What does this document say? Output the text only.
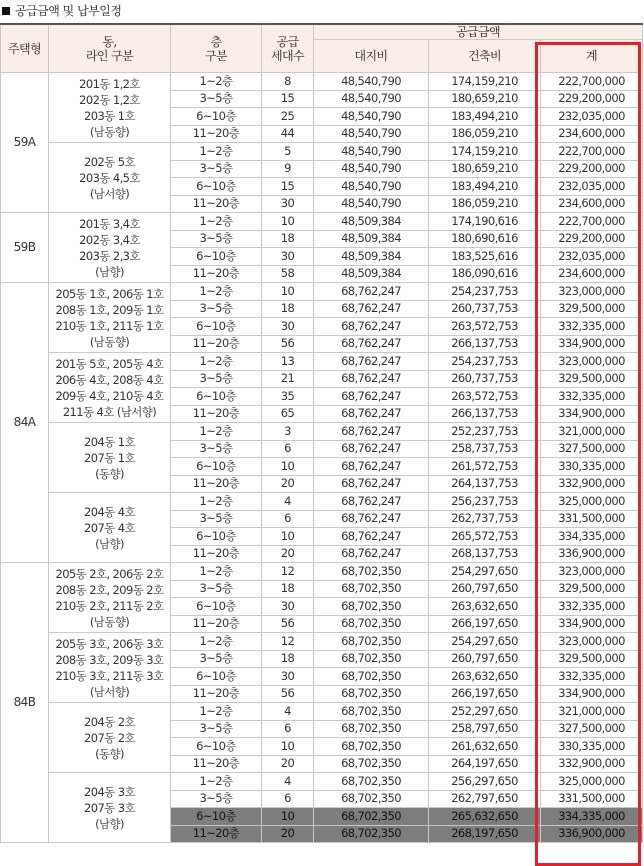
공급금액 및 납부일정
주택형	동,
라인 구분	층
구분	공급
세대수	공급금액		
				대지비	건축비	계
59A	201동 1,2호
202동 1,2호
203동 1호
(남동향)	1~2층	8	48,540,790	174,159,210	222,700,000
		3~5층	15	48,540,790	180,659,210	229,200,000
		6~10층	25	48,540,790	183,494,210	232,035,000
		11~20층	44	48,540,790	186,059,210	234,600,000
	202동 5호
203동 4,5호
(남서향)	1~2층	5	48,540,790	174,159,210	222,700,000
		3~5층	9	48,540,790	180,659,210	229,200,000
		6~10층	15	48,540,790	183,494,210	232,035,000
		11~20층	30	48,540,790	186,059,210	234,600,000
59B	201동 3,4호
202동 3,4호
203동 2,3호
(남향)	1~2층	10	48,509,384	174,190,616	222,700,000
		3~5층	18	48,509,384	180,690,616	229,200,000
		6~10층	30	48,509,384	183,525,616	232,035,000
		11~20층	58	48,509,384	186,090,616	234,600,000
84A	205동 1호, 206동 1호
208동 1호, 209동 1호
210동 1호, 211동 1호
(남동향)	1~2층	10	68,762,247	254,237,753	323,000,000
		3~5층	18	68,762,247	260,737,753	329,500,000
		6~10층	30	68,762,247	263,572,753	332,335,000
		11~20층	56	68,762,247	266,137,753	334,900,000
	201동 5호, 205동 4호
206동 4호, 208동 4호
209동 4호, 210동 4호
211동 4호 (남서향)	1~2층	13	68,762,247	254,237,753	323,000,000
		3~5층	21	68,762,247	260,737,753	329,500,000
		6~10층	35	68,762,247	263,572,753	332,335,000
		11~20층	65	68,762,247	266,137,753	334,900,000
	204동 1호
207동 1호
(동향)	1~2층	3	68,762,247	252,237,753	321,000,000
		3~5층	6	68,762,247	258,737,753	327,500,000
		6~10층	10	68,762,247	261,572,753	330,335,000
		11~20층	20	68,762,247	264,137,753	332,900,000
	204동 4호
207동 4호
(남향)	1~2층	4	68,762,247	256,237,753	325,000,000
		3~5층	6	68,762,247	262,737,753	331,500,000
		6~10층	10	68,762,247	265,572,753	334,335,000
		11~20층	20	68,762,247	268,137,753	336,900,000
84B	205동 2호, 206동 2호
208동 2호, 209동 2호
210동 2호, 211동 2호
(남동향)	1~2층	12	68,702,350	254,297,650	323,000,000
		3~5층	18	68,702,350	260,797,650	329,500,000
		6~10층	30	68,702,350	263,632,650	332,335,000
		11~20층	56	68,702,350	266,197,650	334,900,000
	205동 3호, 206동 3호
208동 3호, 209동 3호
210동 3호, 211동 3호
(남서향)	1~2층	12	68,702,350	254,297,650	323,000,000
		3~5층	18	68,702,350	260,797,650	329,500,000
		6~10층	30	68,702,350	263,632,650	332,335,000
		11~20층	56	68,702,350	266,197,650	334,900,000
	204동 2호
207동 2호
(동향)	1~2층	4	68,702,350	252,297,650	321,000,000
		3~5층	6	68,702,350	258,797,650	327,500,000
		6~10층	10	68,702,350	261,632,650	330,335,000
		11~20층	20	68,702,350	264,197,650	332,900,000
	204동 3호
207동 3호
(남향)	1~2층	4	68,702,350	256,297,650	325,000,000
		3~5층	6	68,702,350	262,797,650	331,500,000
		6~10층	10	68,702,350	265,632,650	334,335,000
		11~20층	20	68,702,350	268,197,650	336,900,000
